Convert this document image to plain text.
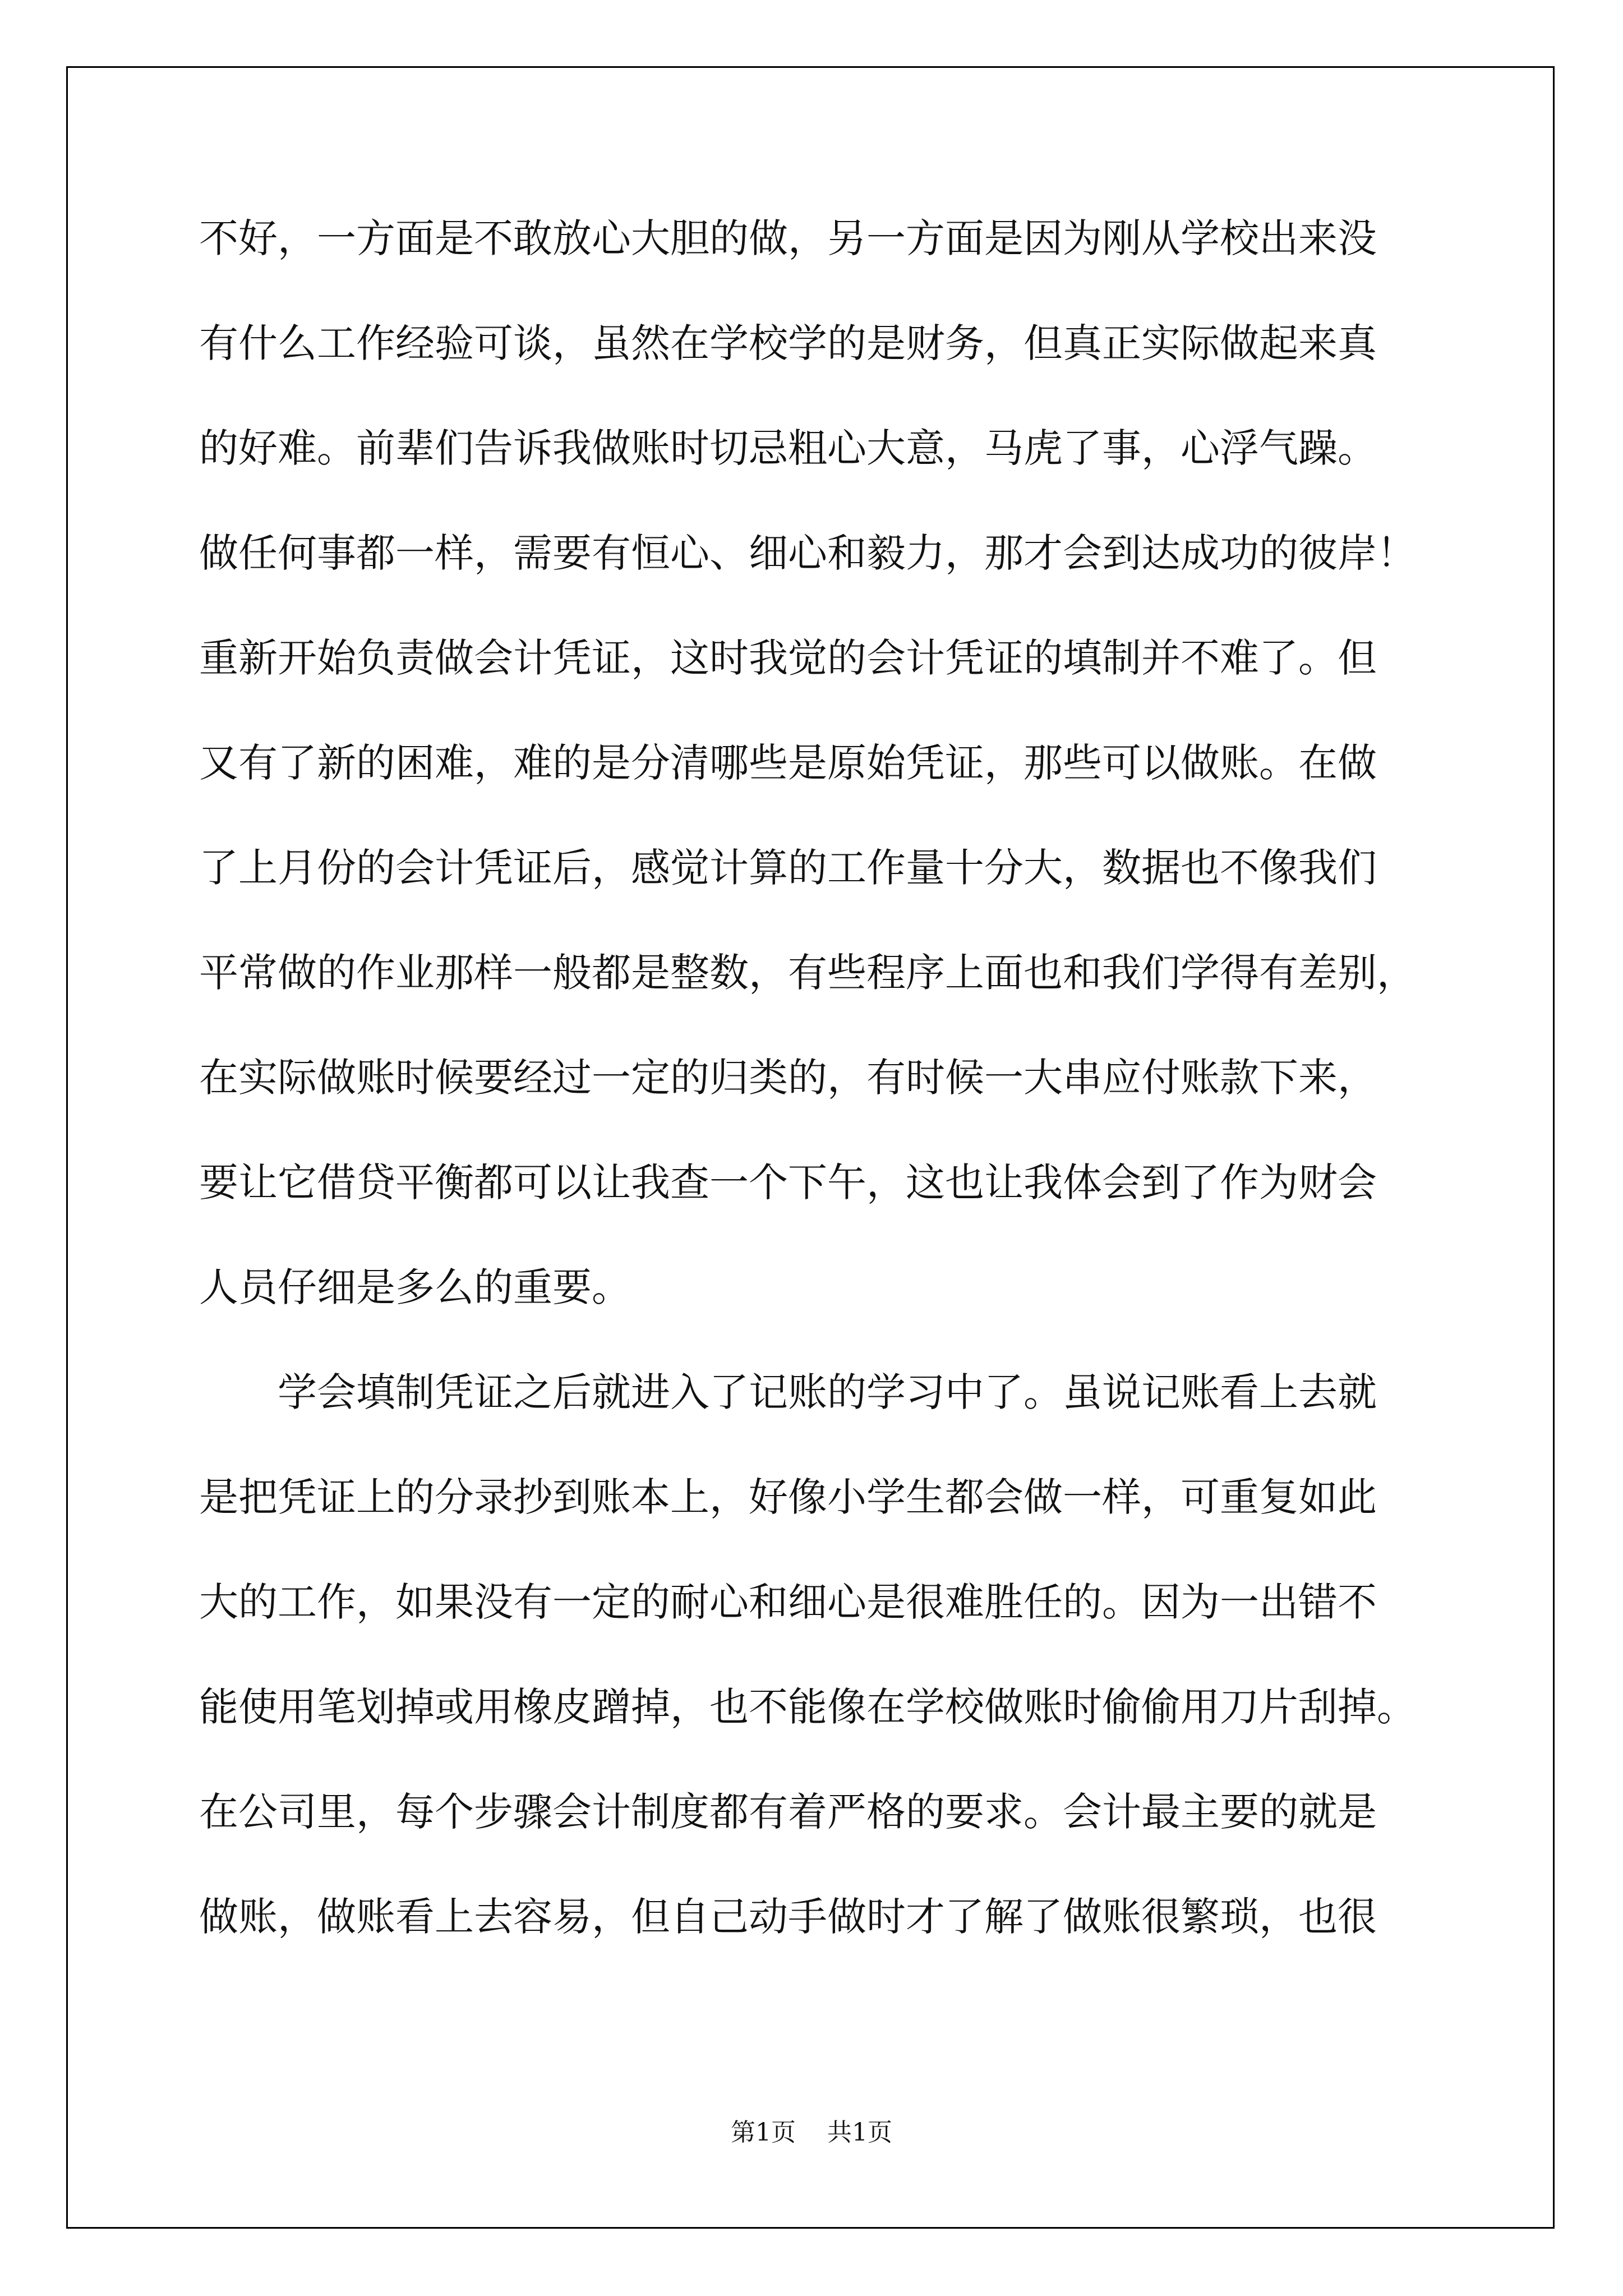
不好，一方面是不敢放心大胆的做，另一方面是因为刚从学校出来没
有什么工作经验可谈，虽然在学校学的是财务，但真正实际做起来真
的好难。前辈们告诉我做账时切忌粗心大意，马虎了事，心浮气躁。
做任何事都一样，需要有恒心、细心和毅力，那才会到达成功的彼岸！
重新开始负责做会计凭证，这时我觉的会计凭证的填制并不难了。但
又有了新的困难，难的是分清哪些是原始凭证，那些可以做账。在做
了上月份的会计凭证后，感觉计算的工作量十分大，数据也不像我们
平常做的作业那样一般都是整数，有些程序上面也和我们学得有差别，
在实际做账时候要经过一定的归类的，有时候一大串应付账款下来，
要让它借贷平衡都可以让我查一个下午，这也让我体会到了作为财会
人员仔细是多么的重要。
学会填制凭证之后就进入了记账的学习中了。虽说记账看上去就
是把凭证上的分录抄到账本上，好像小学生都会做一样，可重复如此
大的工作，如果没有一定的耐心和细心是很难胜任的。因为一出错不
能使用笔划掉或用橡皮蹭掉，也不能像在学校做账时偷偷用刀片刮掉。
在公司里，每个步骤会计制度都有着严格的要求。会计最主要的就是
做账，做账看上去容易，但自己动手做时才了解了做账很繁琐，也很
第1页 共1页
